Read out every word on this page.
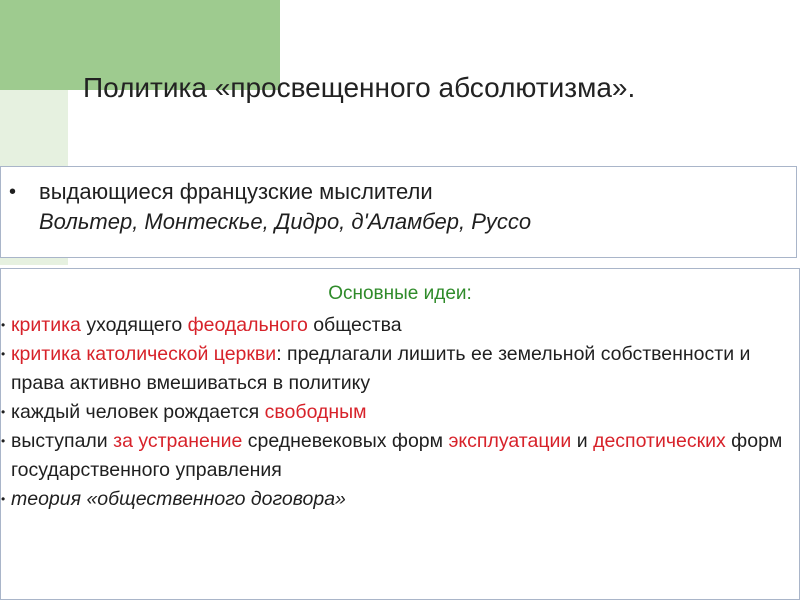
Политика «просвещенного абсолютизма».
•	выдающиеся французские мыслители
Вольтер, Монтескье, Дидро, д'Аламбер, Руссо
Основные идеи:
• критика уходящего феодального общества
• критика католической церкви: предлагали лишить ее земельной собственности и права активно вмешиваться в политику
• каждый человек рождается свободным
• выступали за устранение средневековых форм эксплуатации и деспотических форм государственного управления
• теория «общественного договора»
